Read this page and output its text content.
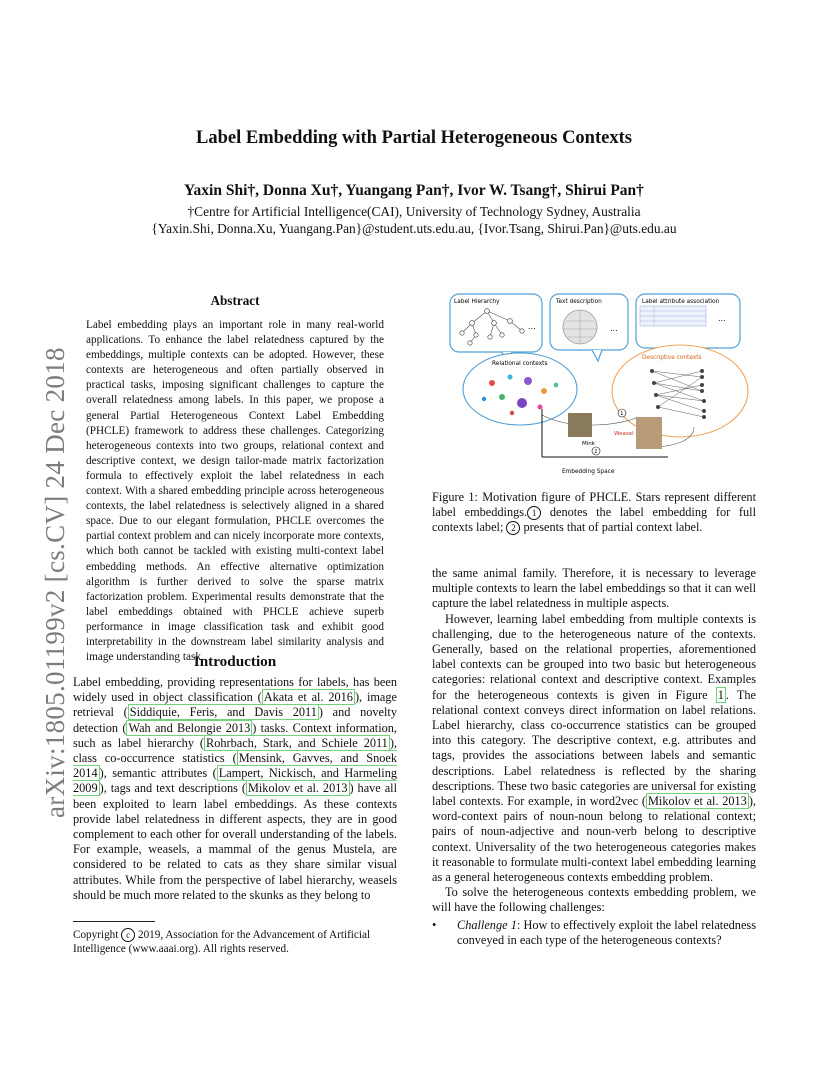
Label Embedding with Partial Heterogeneous Contexts
Yaxin Shi†, Donna Xu†, Yuangang Pan†, Ivor W. Tsang†, Shirui Pan†
†Centre for Artificial Intelligence(CAI), University of Technology Sydney, Australia
{Yaxin.Shi, Donna.Xu, Yuangang.Pan}@student.uts.edu.au, {Ivor.Tsang, Shirui.Pan}@uts.edu.au
arXiv:1805.01199v2 [cs.CV] 24 Dec 2018
Abstract
Label embedding plays an important role in many real-world applications. To enhance the label relatedness captured by the embeddings, multiple contexts can be adopted. However, these contexts are heterogeneous and often partially observed in practical tasks, imposing significant challenges to capture the overall relatedness among labels. In this paper, we propose a general Partial Heterogeneous Context Label Embedding (PHCLE) framework to address these challenges. Categorizing heterogeneous contexts into two groups, relational context and descriptive context, we design tailor-made matrix factorization formula to effectively exploit the label relatedness in each context. With a shared embedding principle across heterogeneous contexts, the label relatedness is selectively aligned in a shared space. Due to our elegant formulation, PHCLE overcomes the partial context problem and can nicely incorporate more contexts, which both cannot be tackled with existing multi-context label embedding methods. An effective alternative optimization algorithm is further derived to solve the sparse matrix factorization problem. Experimental results demonstrate that the label embeddings obtained with PHCLE achieve superb performance in image classification task and exhibit good interpretability in the downstream label similarity analysis and image understanding task.
Introduction
Label embedding, providing representations for labels, has been widely used in object classification ( Akata et al. 2016 ), image retrieval ( Siddiquie, Feris, and Davis 2011 ) and novelty detection ( Wah and Belongie 2013 ) tasks. Context information, such as label hierarchy ( Rohrbach, Stark, and Schiele 2011 ), class co-occurrence statistics ( Mensink, Gavves, and Snoek 2014 ), semantic attributes ( Lampert, Nickisch, and Harmeling 2009 ), tags and text descriptions ( Mikolov et al. 2013 ) have all been exploited to learn label embeddings. As these contexts provide label relatedness in different aspects, they are in good complement to each other for overall understanding of the labels. For example, weasels, a mammal of the genus Mustela, are considered to be related to cats as they share similar visual attributes. While from the perspective of label hierarchy, weasels should be much more related to the skunks as they belong to
Copyright c 2019, Association for the Advancement of Artificial Intelligence (www.aaai.org). All rights reserved.
Label Hierarchy
...
Text description
...
Label attribute association
...
Relational contexts
Descriptive contexts
Embedding Space
Mink
Weasel
1
2
Figure 1: Motivation figure of PHCLE. Stars represent different label embeddings. 1 denotes the label embedding for full contexts label; 2 presents that of partial context label.

the same animal family. Therefore, it is necessary to leverage multiple contexts to learn the label embeddings so that it can well capture the label relatedness in multiple aspects.

However, learning label embedding from multiple contexts is challenging, due to the heterogeneous nature of the contexts. Generally, based on the relational properties, aforementioned label contexts can be grouped into two basic but heterogeneous categories: relational context and descriptive context. Examples for the heterogeneous contexts is given in Figure 1 . The relational context conveys direct information on label relations. Label hierarchy, class co-occurrence statistics can be grouped into this category. The descriptive context, e.g. attributes and tags, provides the associations between labels and semantic descriptions. Label relatedness is reflected by the sharing descriptions. These two basic categories are universal for existing label contexts. For example, in word2vec ( Mikolov et al. 2013 ), word-context pairs of noun-noun belong to relational context; pairs of noun-adjective and noun-verb belong to descriptive context. Universality of the two heterogeneous categories makes it reasonable to formulate multi-context label embedding learning as a general heterogeneous contexts embedding problem.

To solve the heterogeneous contexts embedding problem, we will have the following challenges:

•	Challenge 1: How to effectively exploit the label relatedness conveyed in each type of the heterogeneous contexts?
